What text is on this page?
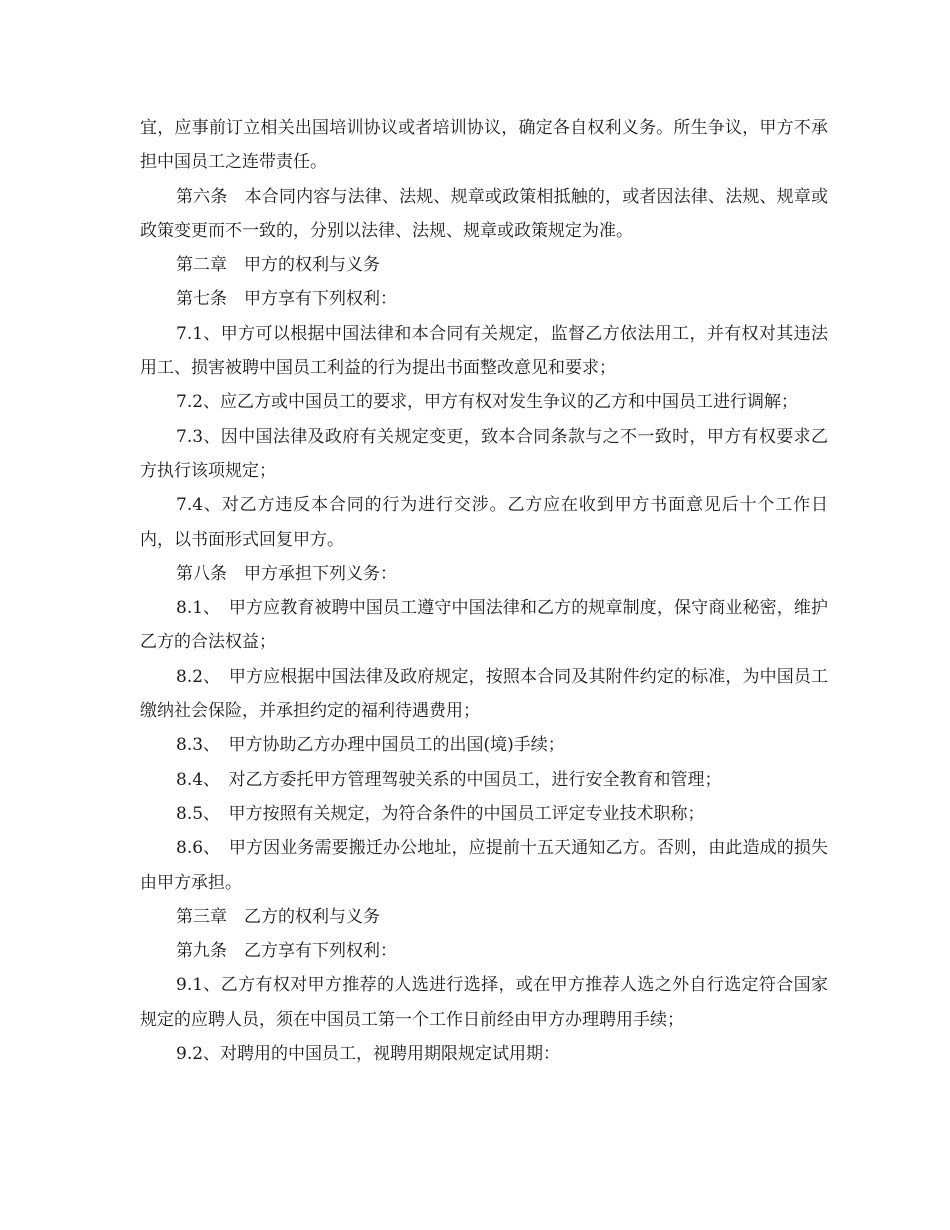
宜，应事前订立相关出国培训协议或者培训协议，确定各自权利义务。所生争议，甲方不承担中国员工之连带责任。

第六条　本合同内容与法律、法规、规章或政策相抵触的，或者因法律、法规、规章或政策变更而不一致的，分别以法律、法规、规章或政策规定为准。

第二章　甲方的权利与义务

第七条　甲方享有下列权利：

7.1、甲方可以根据中国法律和本合同有关规定，监督乙方依法用工，并有权对其违法用工、损害被聘中国员工利益的行为提出书面整改意见和要求；

7.2、应乙方或中国员工的要求，甲方有权对发生争议的乙方和中国员工进行调解；

7.3、因中国法律及政府有关规定变更，致本合同条款与之不一致时，甲方有权要求乙方执行该项规定；

7.4、对乙方违反本合同的行为进行交涉。乙方应在收到甲方书面意见后十个工作日内，以书面形式回复甲方。

第八条　甲方承担下列义务：

8.1、　甲方应教育被聘中国员工遵守中国法律和乙方的规章制度，保守商业秘密，维护乙方的合法权益；

8.2、　甲方应根据中国法律及政府规定，按照本合同及其附件约定的标准，为中国员工缴纳社会保险，并承担约定的福利待遇费用；

8.3、　甲方协助乙方办理中国员工的出国(境)手续；

8.4、　对乙方委托甲方管理驾驶关系的中国员工，进行安全教育和管理；

8.5、　甲方按照有关规定，为符合条件的中国员工评定专业技术职称；

8.6、　甲方因业务需要搬迁办公地址，应提前十五天通知乙方。否则，由此造成的损失由甲方承担。

第三章　乙方的权利与义务

第九条　乙方享有下列权利：

9.1、乙方有权对甲方推荐的人选进行选择，或在甲方推荐人选之外自行选定符合国家规定的应聘人员，须在中国员工第一个工作日前经由甲方办理聘用手续；

9.2、对聘用的中国员工，视聘用期限规定试用期：
